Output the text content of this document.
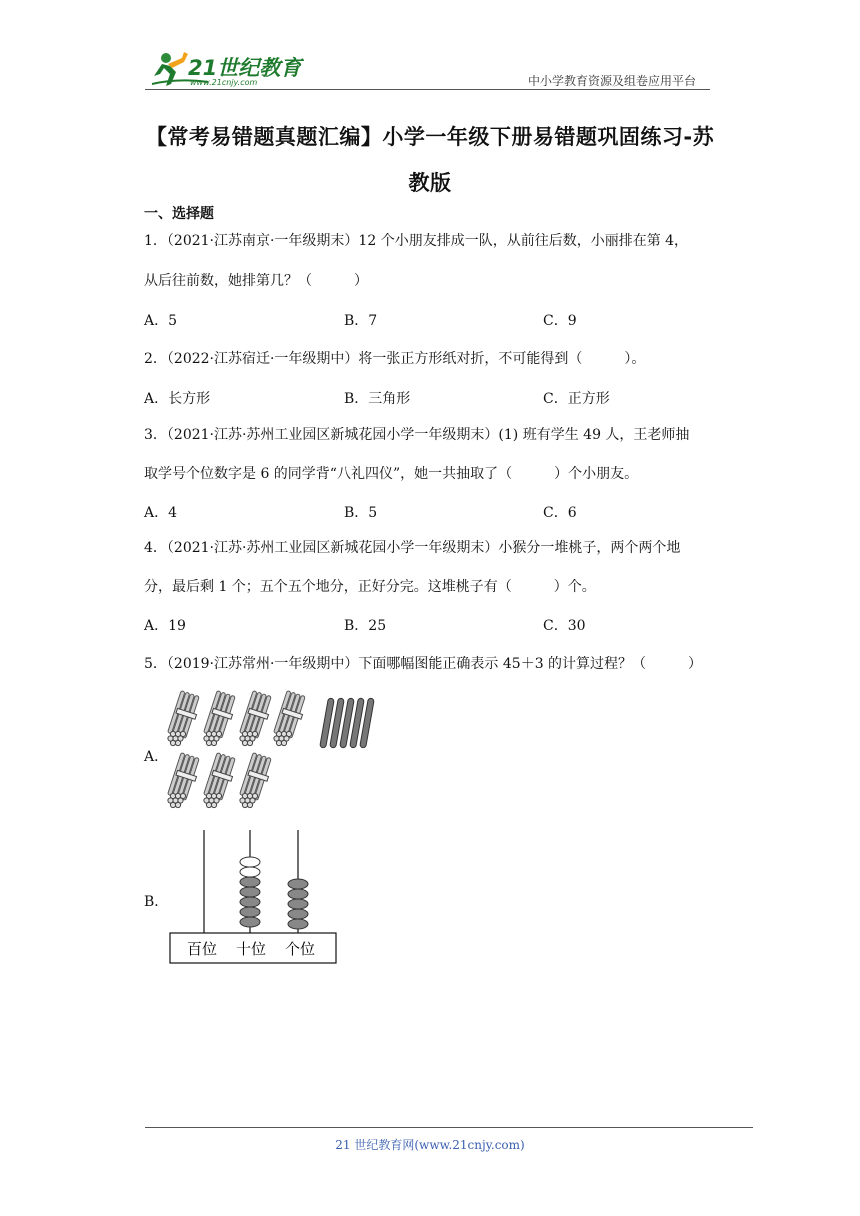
21世纪教育
www.21cnjy.com	中小学教育资源及组卷应用平台
【常考易错题真题汇编】小学一年级下册易错题巩固练习-苏
教版
一、选择题
1．（2021·江苏南京·一年级期末）12 个小朋友排成一队，从前往后数，小丽排在第 4，
从后往前数，她排第几？（　　　）
A．5	B．7	C．9
2．（2022·江苏宿迁·一年级期中）将一张正方形纸对折，不可能得到（　　　）。
A．长方形	B．三角形	C．正方形
3．（2021·江苏·苏州工业园区新城花园小学一年级期末）(1) 班有学生 49 人，王老师抽
取学号个位数字是 6 的同学背“八礼四仪”，她一共抽取了（　　　）个小朋友。
A．4	B．5	C．6
4．（2021·江苏·苏州工业园区新城花园小学一年级期末）小猴分一堆桃子，两个两个地
分，最后剩 1 个；五个五个地分，正好分完。这堆桃子有（　　　）个。
A．19	B．25	C．30
5．（2019·江苏常州·一年级期中）下面哪幅图能正确表示 45＋3 的计算过程？（　　　）
A．
B．
百位 十位 个位
21 世纪教育网(www.21cnjy.com)
